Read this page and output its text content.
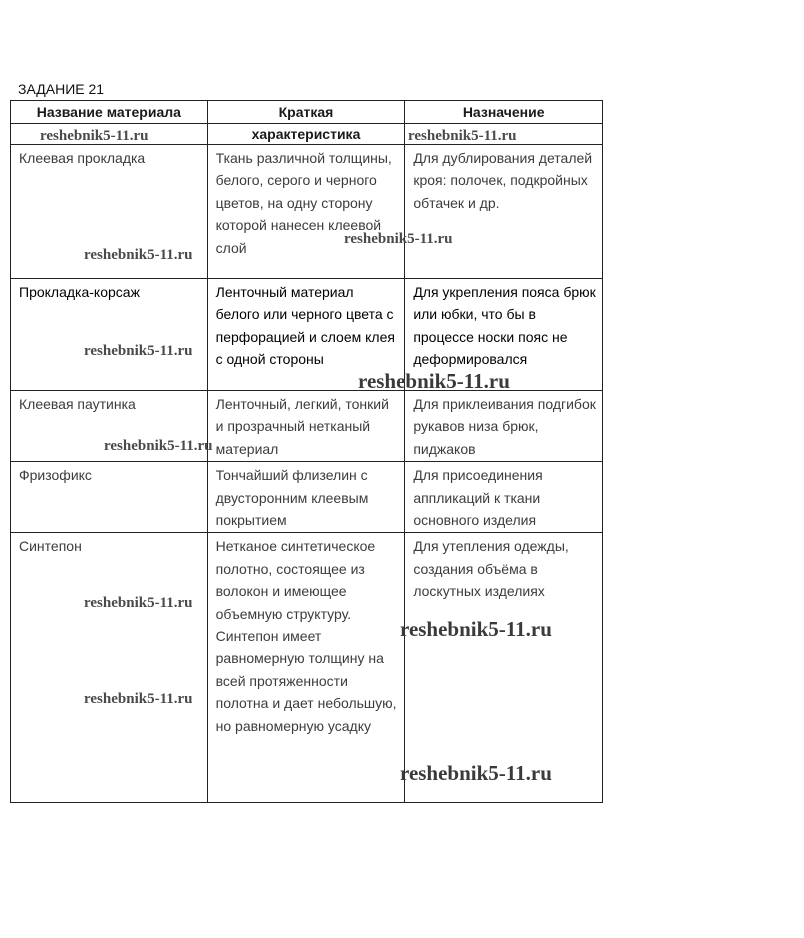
ЗАДАНИЕ 21
Название материала	Краткая	Назначение
	характеристика	
Клеевая прокладка	Ткань различной толщины, белого, серого и черного цветов, на одну сторону которой нанесен клеевой слой	Для дублирования деталей кроя: полочек, подкройных обтачек и др.
Прокладка-корсаж	Ленточный материал белого или черного цвета с перфорацией и слоем клея с одной стороны	Для укрепления пояса брюк или юбки, что бы в процессе носки пояс не деформировался
Клеевая паутинка	Ленточный, легкий, тонкий и прозрачный нетканый материал	Для приклеивания подгибок рукавов низа брюк, пиджаков
Фризофикс	Тончайший флизелин с двусторонним клеевым покрытием	Для присоединения аппликаций к ткани основного изделия
Синтепон	Нетканое синтетическое полотно, состоящее из волокон и имеющее объемную структуру. Синтепон имеет равномерную толщину на всей протяженности полотна и дает небольшую, но равномерную усадку	Для утепления одежды, создания объёма в лоскутных изделиях
reshebnik5-11.ru	reshebnik5-11.ru
reshebnik5-11.ru
reshebnik5-11.ru
reshebnik5-11.ru
reshebnik5-11.ru
reshebnik5-11.ru
reshebnik5-11.ru
reshebnik5-11.ru
reshebnik5-11.ru
reshebnik5-11.ru
